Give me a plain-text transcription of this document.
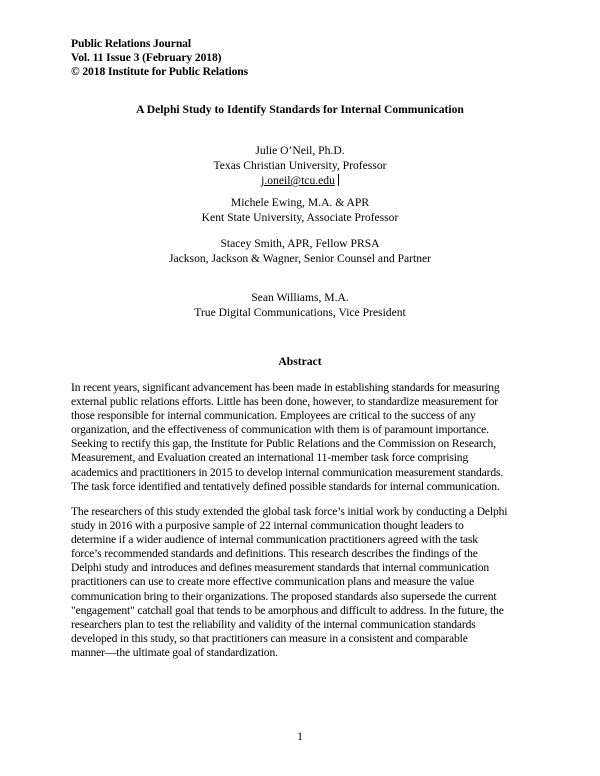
Public Relations Journal
Vol. 11 Issue 3 (February 2018)
© 2018 Institute for Public Relations
A Delphi Study to Identify Standards for Internal Communication
Julie O’Neil, Ph.D.
Texas Christian University, Professor
j.oneil@tcu.edu
Michele Ewing, M.A. & APR
Kent State University, Associate Professor
Stacey Smith, APR, Fellow PRSA
Jackson, Jackson & Wagner, Senior Counsel and Partner
Sean Williams, M.A.
True Digital Communications, Vice President
Abstract
In recent years, significant advancement has been made in establishing standards for measuring
external public relations efforts. Little has been done, however, to standardize measurement for
those responsible for internal communication. Employees are critical to the success of any
organization, and the effectiveness of communication with them is of paramount importance.
Seeking to rectify this gap, the Institute for Public Relations and the Commission on Research,
Measurement, and Evaluation created an international 11-member task force comprising
academics and practitioners in 2015 to develop internal communication measurement standards.
The task force identified and tentatively defined possible standards for internal communication.
The researchers of this study extended the global task force’s initial work by conducting a Delphi
study in 2016 with a purposive sample of 22 internal communication thought leaders to
determine if a wider audience of internal communication practitioners agreed with the task
force’s recommended standards and definitions. This research describes the findings of the
Delphi study and introduces and defines measurement standards that internal communication
practitioners can use to create more effective communication plans and measure the value
communication bring to their organizations. The proposed standards also supersede the current
"engagement" catchall goal that tends to be amorphous and difficult to address. In the future, the
researchers plan to test the reliability and validity of the internal communication standards
developed in this study, so that practitioners can measure in a consistent and comparable
manner—the ultimate goal of standardization.
1
